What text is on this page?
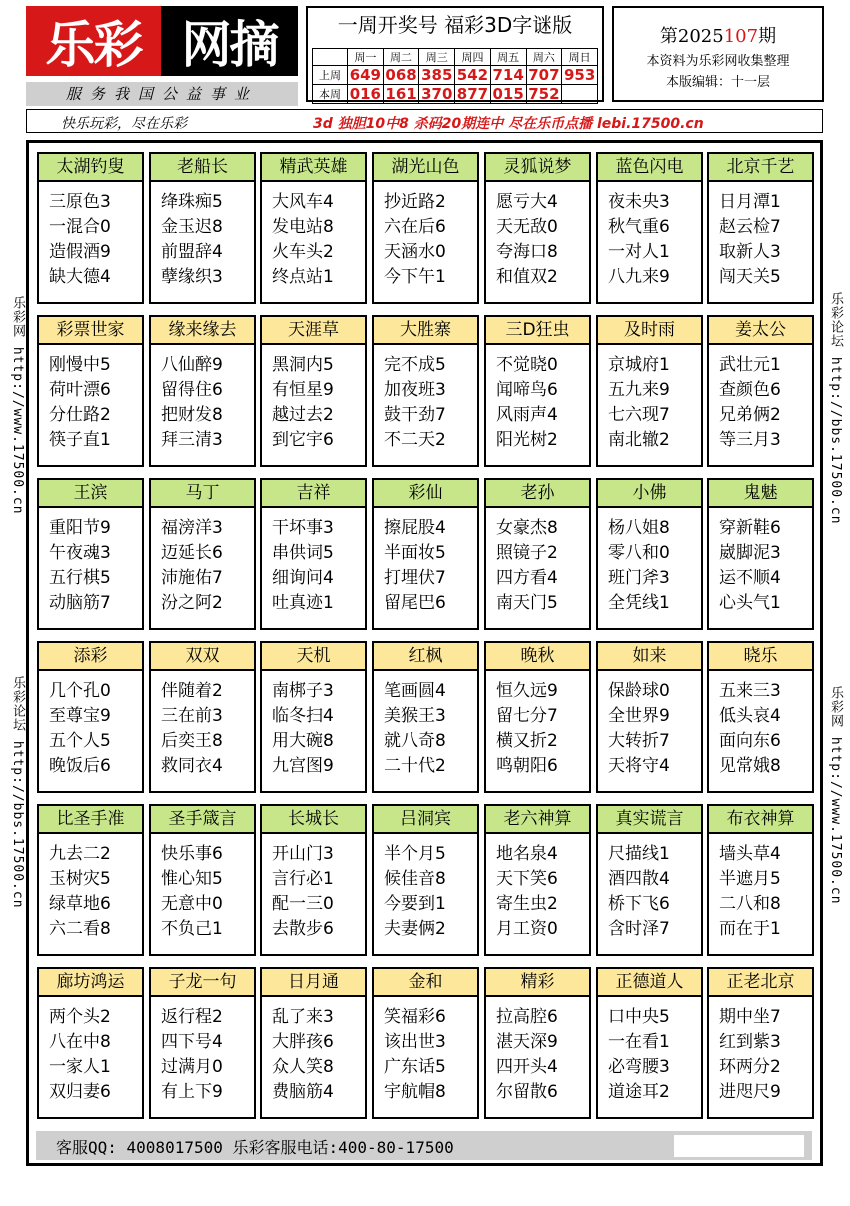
乐彩 网摘
服务我国公益事业
一周开奖号 福彩3D字谜版
	周一	周二	周三	周四	周五	周六	周日
上周	649	068	385	542	714	707	953
本周	016	161	370	877	015	752	
第2025107期
本资料为乐彩网收集整理
本版编辑：十一层
快乐玩彩，尽在乐彩	3d 独胆10中8 杀码20期连中 尽在乐币点播 lebi.17500.cn
乐彩网 http://www.17500.cn
乐彩论坛 http://bbs.17500.cn
乐彩论坛 http://bbs.17500.cn
乐彩网 http://www.17500.cn
太湖钓叟
三原色3
一混合0
造假酒9
缺大德4
老船长
绛珠痴5
金玉迟8
前盟辞4
孽缘织3
精武英雄
大风车4
发电站8
火车头2
终点站1
湖光山色
抄近路2
六在后6
天涵水0
今下午1
灵狐说梦
愿亏大4
天无敌0
夸海口8
和值双2
蓝色闪电
夜未央3
秋气重6
一对人1
八九来9
北京千艺
日月潭1
赵云检7
取新人3
闯天关5
彩票世家
刚慢中5
荷叶漂6
分仕路2
筷子直1
缘来缘去
八仙醉9
留得住6
把财发8
拜三清3
天涯草
黑洞内5
有恒星9
越过去2
到它宇6
大胜寨
完不成5
加夜班3
鼓干劲7
不二天2
三D狂虫
不觉晓0
闻啼鸟6
风雨声4
阳光树2
及时雨
京城府1
五九来9
七六现7
南北辙2
姜太公
武壮元1
查颜色6
兄弟俩2
等三月3
王滨
重阳节9
午夜魂3
五行棋5
动脑筋7
马丁
福滂洋3
迈延长6
沛施佑7
汾之阿2
吉祥
干坏事3
串供词5
细询问4
吐真迹1
彩仙
擦屁股4
半面妆5
打埋伏7
留尾巴6
老孙
女豪杰8
照镜子2
四方看4
南天门5
小佛
杨八姐8
零八和0
班门斧3
全凭线1
鬼魅
穿新鞋6
崴脚泥3
运不顺4
心头气1
添彩
几个孔0
至尊宝9
五个人5
晚饭后6
双双
伴随着2
三在前3
后奕王8
救同衣4
天机
南梆子3
临冬扫4
用大碗8
九宫图9
红枫
笔画圆4
美猴王3
就八奇8
二十代2
晚秋
恒久远9
留七分7
横又折2
鸣朝阳6
如来
保龄球0
全世界9
大转折7
天将守4
晓乐
五来三3
低头哀4
面向东6
见常娥8
比圣手准
九去二2
玉树灾5
绿草地6
六二看8
圣手箴言
快乐事6
惟心知5
无意中0
不负己1
长城长
开山门3
言行必1
配一三0
去散步6
吕洞宾
半个月5
候佳音8
今要到1
夫妻俩2
老六神算
地名泉4
天下笑6
寄生虫2
月工资0
真实谎言
尺描线1
酒四散4
桥下飞6
含时泽7
布衣神算
墙头草4
半遮月5
二八和8
而在于1
廊坊鸿运
两个头2
八在中8
一家人1
双归妻6
子龙一句
返行程2
四下号4
过满月0
有上下9
日月通
乱了来3
大胖孩6
众人笑8
费脑筋4
金和
笑福彩6
该出世3
广东话5
宇航帽8
精彩
拉高腔6
湛天深9
四开头4
尔留散6
正德道人
口中央5
一在看1
必弯腰3
道途耳2
正老北京
期中坐7
红到紫3
环两分2
进咫尺9
客服QQ: 4008017500 乐彩客服电话:400-80-17500
